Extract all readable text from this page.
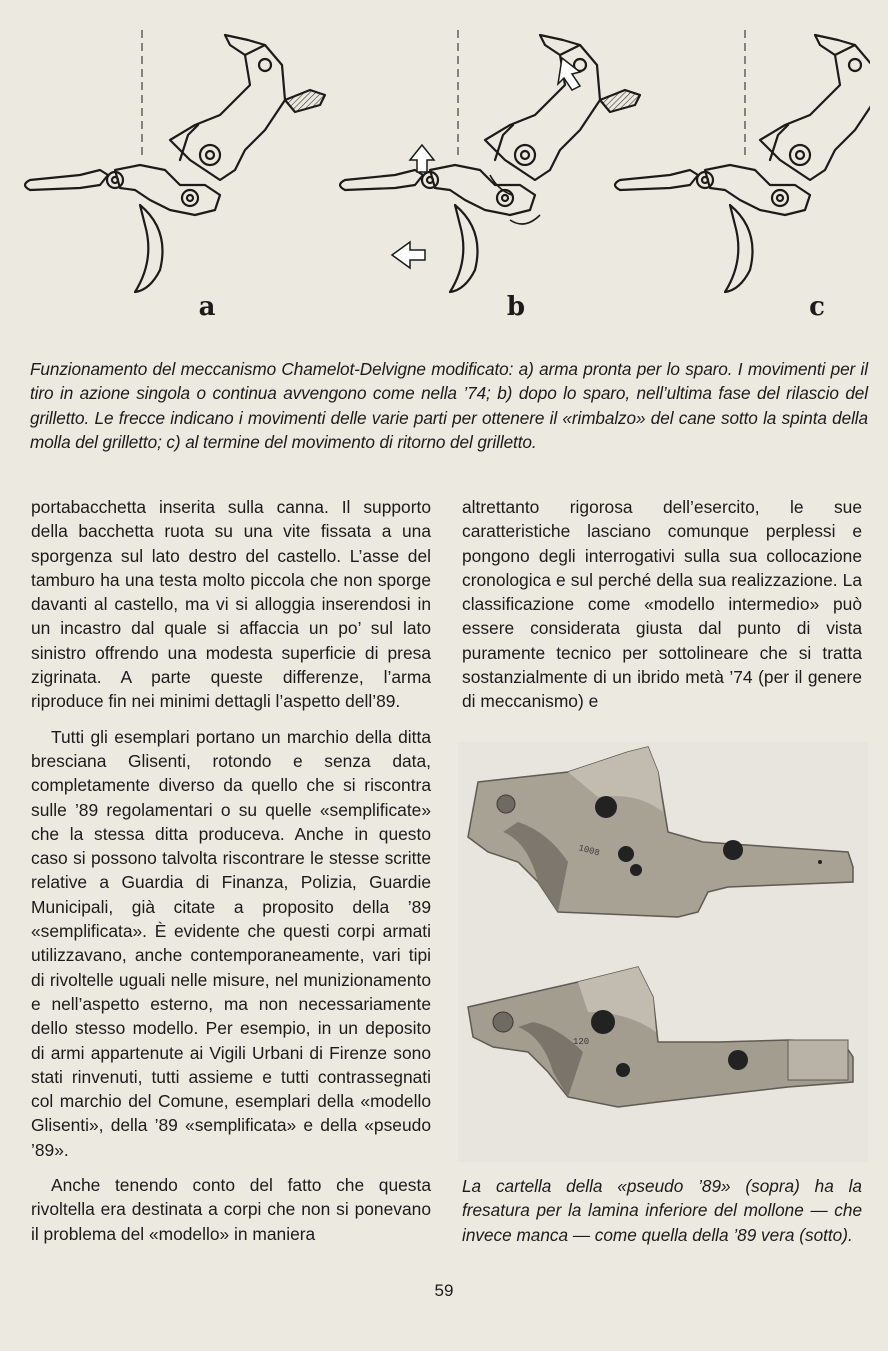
a	b	c
Funzionamento del meccanismo Chamelot-Delvigne modificato: a) arma pronta per lo sparo. I movimenti per il tiro in azione singola o continua avvengono come nella ’74; b) dopo lo sparo, nell’ultima fase del rilascio del grilletto. Le frecce indicano i movimenti delle varie parti per ottenere il «rimbalzo» del cane sotto la spinta della molla del grilletto; c) al termine del movimento di ritorno del grilletto.

portabacchetta inserita sulla canna. Il supporto della bacchetta ruota su una vite fissata a una sporgenza sul lato destro del castello. L’asse del tamburo ha una testa molto piccola che non sporge davanti al castello, ma vi si alloggia inserendosi in un incastro dal quale si affaccia un po’ sul lato sinistro offrendo una modesta superficie di presa zigrinata. A parte queste differenze, l’arma riproduce fin nei minimi dettagli l’aspetto dell’89.

Tutti gli esemplari portano un marchio della ditta bresciana Glisenti, rotondo e senza data, completamente diverso da quello che si riscontra sulle ’89 regolamentari o su quelle «semplificate» che la stessa ditta produceva. Anche in questo caso si possono talvolta riscontrare le stesse scritte relative a Guardia di Finanza, Polizia, Guardie Municipali, già citate a proposito della ’89 «semplificata». È evidente che questi corpi armati utilizzavano, anche contemporaneamente, vari tipi di rivoltelle uguali nelle misure, nel munizionamento e nell’aspetto esterno, ma non necessariamente dello stesso modello. Per esempio, in un deposito di armi appartenute ai Vigili Urbani di Firenze sono stati rinvenuti, tutti assieme e tutti contrassegnati col marchio del Comune, esemplari della «modello Glisenti», della ’89 «semplificata» e della «pseudo ’89».

Anche tenendo conto del fatto che questa rivoltella era destinata a corpi che non si ponevano il problema del «modello» in maniera

altrettanto rigorosa dell’esercito, le sue caratteristiche lasciano comunque perplessi e pongono degli interrogativi sulla sua collocazione cronologica e sul perché della sua realizzazione. La classificazione come «modello intermedio» può essere considerata giusta dal punto di vista puramente tecnico per sottolineare che si tratta sostanzialmente di un ibrido metà ’74 (per il genere di meccanismo) e

1008
120
La cartella della «pseudo ’89» (sopra) ha la fresatura per la lamina inferiore del mollone — che invece manca — come quella della ’89 vera (sotto).
59
